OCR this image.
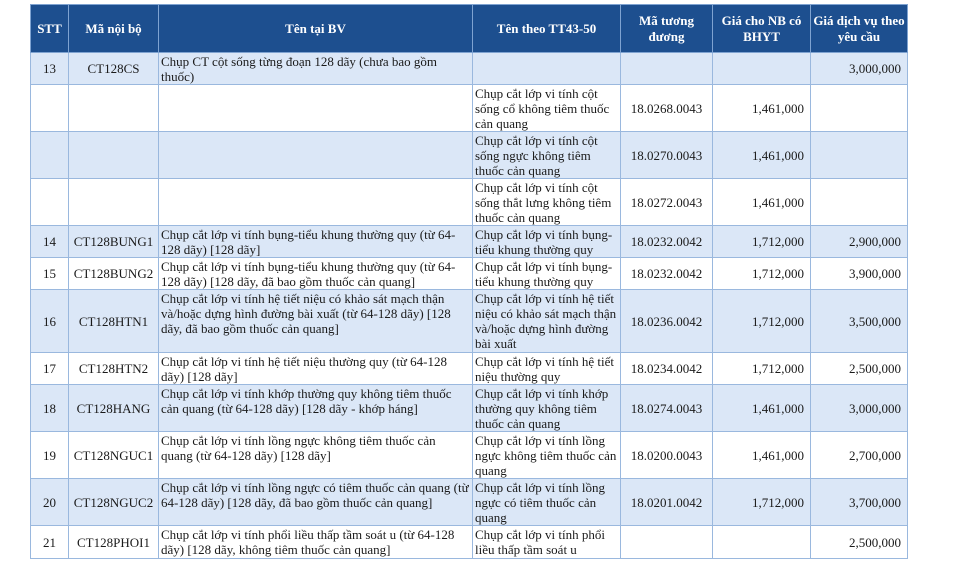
STT	Mã nội bộ	Tên tại BV	Tên theo TT43-50	Mã tương đương	Giá cho NB có BHYT	Giá dịch vụ theo yêu cầu
13	CT128CS	Chụp CT cột sống từng đoạn 128 dãy (chưa bao gồm thuốc)				3,000,000
			Chụp cắt lớp vi tính cột sống cổ không tiêm thuốc cản quang	18.0268.0043	1,461,000	
			Chụp cắt lớp vi tính cột sống ngực không tiêm thuốc cản quang	18.0270.0043	1,461,000	
			Chụp cắt lớp vi tính cột sống thắt lưng không tiêm thuốc cản quang	18.0272.0043	1,461,000	
14	CT128BUNG1	Chụp cắt lớp vi tính bụng-tiểu khung thường quy (từ 64-128 dãy) [128 dãy]	Chụp cắt lớp vi tính bụng-tiểu khung thường quy	18.0232.0042	1,712,000	2,900,000
15	CT128BUNG2	Chụp cắt lớp vi tính bụng-tiểu khung thường quy (từ 64-128 dãy) [128 dãy, đã bao gồm thuốc cản quang]	Chụp cắt lớp vi tính bụng-tiểu khung thường quy	18.0232.0042	1,712,000	3,900,000
16	CT128HTN1	Chụp cắt lớp vi tính hệ tiết niệu có khảo sát mạch thận và/hoặc dựng hình đường bài xuất (từ 64-128 dãy) [128 dãy, đã bao gồm thuốc cản quang]	Chụp cắt lớp vi tính hệ tiết niệu có khảo sát mạch thận và/hoặc dựng hình đường bài xuất	18.0236.0042	1,712,000	3,500,000
17	CT128HTN2	Chụp cắt lớp vi tính hệ tiết niệu thường quy (từ 64-128 dãy) [128 dãy]	Chụp cắt lớp vi tính hệ tiết niệu thường quy	18.0234.0042	1,712,000	2,500,000
18	CT128HANG	Chụp cắt lớp vi tính khớp thường quy không tiêm thuốc cản quang (từ 64-128 dãy) [128 dãy - khớp háng]	Chụp cắt lớp vi tính khớp thường quy không tiêm thuốc cản quang	18.0274.0043	1,461,000	3,000,000
19	CT128NGUC1	Chụp cắt lớp vi tính lồng ngực không tiêm thuốc cản quang (từ 64-128 dãy) [128 dãy]	Chụp cắt lớp vi tính lồng ngực không tiêm thuốc cản quang	18.0200.0043	1,461,000	2,700,000
20	CT128NGUC2	Chụp cắt lớp vi tính lồng ngực có tiêm thuốc cản quang (từ 64-128 dãy) [128 dãy, đã bao gồm thuốc cản quang]	Chụp cắt lớp vi tính lồng ngực có tiêm thuốc cản quang	18.0201.0042	1,712,000	3,700,000
21	CT128PHOI1	Chụp cắt lớp vi tính phổi liều thấp tầm soát u (từ 64-128 dãy) [128 dãy, không tiêm thuốc cản quang]	Chụp cắt lớp vi tính phổi liều thấp tầm soát u			2,500,000
